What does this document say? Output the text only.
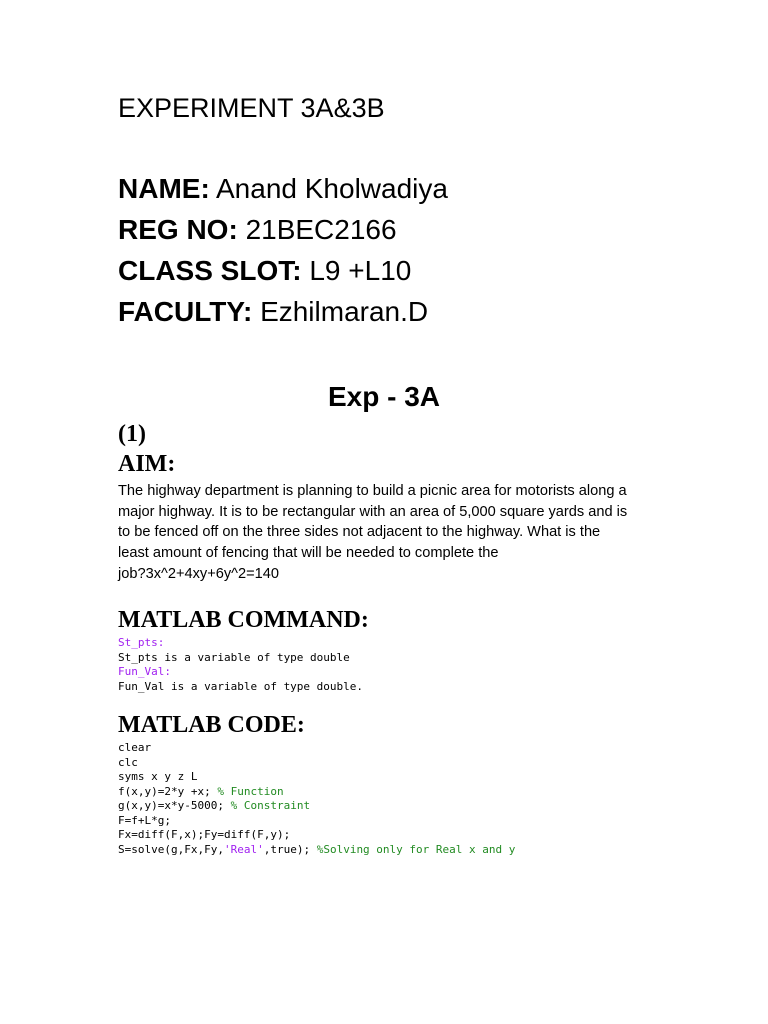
EXPERIMENT 3A&3B

NAME: Anand Kholwadiya

REG NO: 21BEC2166

CLASS SLOT: L9 +L10

FACULTY: Ezhilmaran.D

Exp - 3A

(1)

AIM:

The highway department is planning to build a picnic area for motorists along a
major highway. It is to be rectangular with an area of 5,000 square yards and is
to be fenced off on the three sides not adjacent to the highway. What is the
least amount of fencing that will be needed to complete the
job?3x^2+4xy+6y^2=140

MATLAB COMMAND:

St_pts:
St_pts is a variable of type double
Fun_Val:
Fun_Val is a variable of type double.

MATLAB CODE:

clear
clc
syms x y z L
f(x,y)=2*y +x; % Function
g(x,y)=x*y-5000; % Constraint
F=f+L*g;
Fx=diff(F,x);Fy=diff(F,y);
S=solve(g,Fx,Fy,'Real',true); %Solving only for Real x and y
